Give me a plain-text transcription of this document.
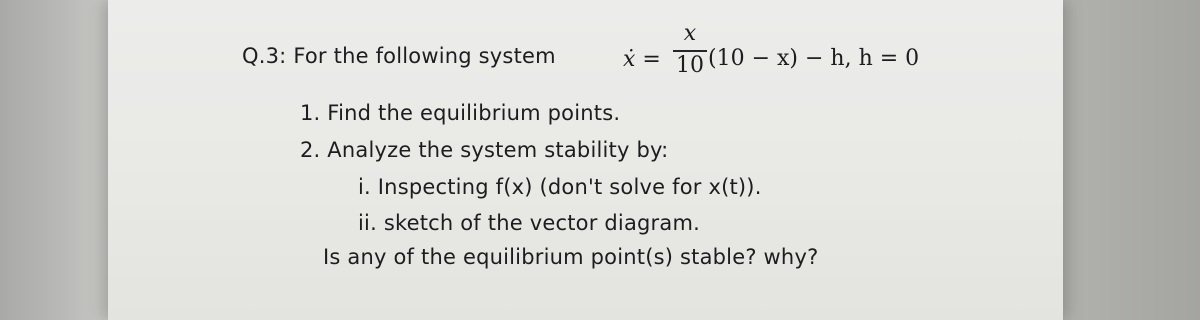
Q.3: For the following system	ẋ =
x
10 (10 − x) − h, h = 0
1. Find the equilibrium points.
2. Analyze the system stability by:
i. Inspecting f(x) (don't solve for x(t)).
ii. sketch of the vector diagram.
Is any of the equilibrium point(s) stable? why?
